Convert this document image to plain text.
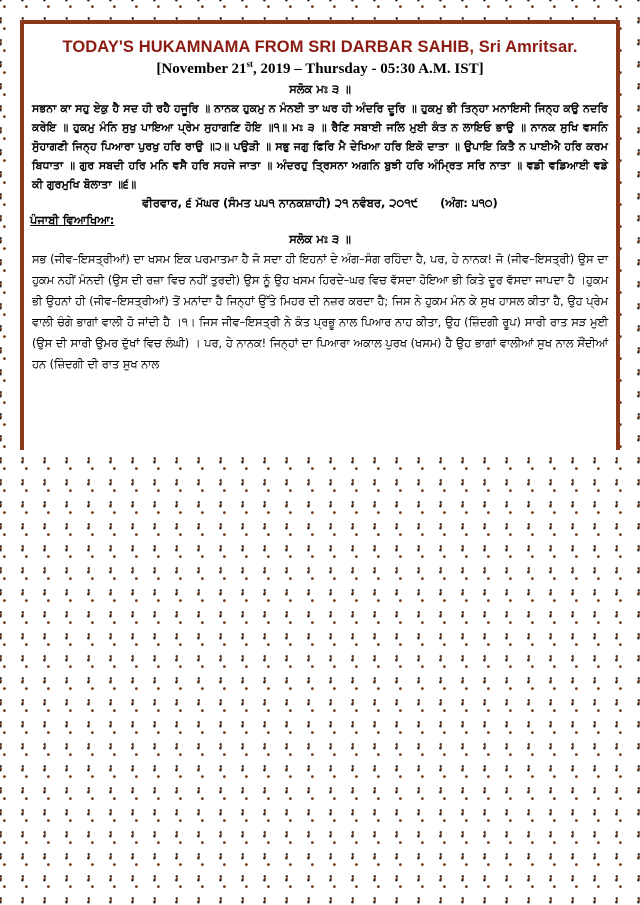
TODAY'S HUKAMNAMA FROM SRI DARBAR SAHIB, Sri Amritsar.
[November 21st, 2019 – Thursday - 05:30 A.M. IST]
ਸਲੋਕ ਮਃ ੩ ॥
ਸਭਨਾ ਕਾ ਸਹੁ ਏਕੁ ਹੈ ਸਦ ਹੀ ਰਹੈ ਹਜੂਰਿ ॥ ਨਾਨਕ ਹੁਕਮੁ ਨ ਮੰਨਈ ਤਾ ਘਰ ਹੀ ਅੰਦਰਿ ਦੂਰਿ ॥ ਹੁਕਮੁ ਭੀ ਤਿਨ੍ਹਾ ਮਨਾਇਸੀ ਜਿਨ੍ਹ ਕਉ ਨਦਰਿ ਕਰੇਇ ॥ ਹੁਕਮੁ ਮੰਨਿ ਸੁਖੁ ਪਾਇਆ ਪ੍ਰੇਮ ਸੁਹਾਗਣਿ ਹੋਇ ॥੧॥ ਮਃ ੩ ॥ ਰੈਣਿ ਸਬਾਈ ਜਲਿ ਮੁਈ ਕੰਤ ਨ ਲਾਇਓ ਭਾਉ ॥ ਨਾਨਕ ਸੁਖਿ ਵਸਨਿ ਸੋੁਹਾਗਣੀ ਜਿਨ੍ਹ ਪਿਆਰਾ ਪੁਰਖੁ ਹਰਿ ਰਾਉ ॥੨॥ ਪਉੜੀ ॥ ਸਭੁ ਜਗੁ ਫਿਰਿ ਮੈ ਦੇਖਿਆ ਹਰਿ ਇਕੋ ਦਾਤਾ ॥ ਉਪਾਇ ਕਿਤੈ ਨ ਪਾਈਐ ਹਰਿ ਕਰਮ ਬਿਧਾਤਾ ॥ ਗੁਰ ਸਬਦੀ ਹਰਿ ਮਨਿ ਵਸੈ ਹਰਿ ਸਹਜੇ ਜਾਤਾ ॥ ਅੰਦਰਹੁ ਤ੍ਰਿਸਨਾ ਅਗਨਿ ਬੁਝੀ ਹਰਿ ਅੰਮ੍ਰਿਤ ਸਰਿ ਨਾਤਾ ॥ ਵਡੀ ਵਡਿਆਈ ਵਡੇ ਕੀ ਗੁਰਮੁਖਿ ਬੋਲਾਤਾ ॥੬॥
ਵੀਰਵਾਰ, ੬ ਮੱਘਰ (ਸੰਮਤ ੫੫੧ ਨਾਨਕਸ਼ਾਹੀ) ੨੧ ਨਵੰਬਰ, ੨੦੧੯ (ਅੰਗ: ੫੧੦)
ਪੰਜਾਬੀ ਵਿਆਖਿਆ:
ਸਲੋਕ ਮਃ ੩ ॥
ਸਭ (ਜੀਵ–ਇਸਤ੍ਰੀਆਂ) ਦਾ ਖਸਮ ਇਕ ਪਰਮਾਤਮਾ ਹੈ ਜੋ ਸਦਾ ਹੀ ਇਹਨਾਂ ਦੇ ਅੰਗ–ਸੰਗ ਰਹਿੰਦਾ ਹੈ, ਪਰ, ਹੇ ਨਾਨਕ! ਜੋ (ਜੀਵ–ਇਸਤ੍ਰੀ) ਉਸ ਦਾ ਹੁਕਮ ਨਹੀਂ ਮੰਨਦੀ (ਉਸ ਦੀ ਰਜ਼ਾ ਵਿਚ ਨਹੀਂ ਤੁਰਦੀ) ਉਸ ਨੂੰ ਉਹ ਖਸਮ ਹਿਰਦੇ–ਘਰ ਵਿਚ ਵੱਸਦਾ ਹੋਇਆ ਭੀ ਕਿਤੇ ਦੂਰ ਵੱਸਦਾ ਜਾਪਦਾ ਹੈ ।ਹੁਕਮ ਭੀ ਉਹਨਾਂ ਹੀ (ਜੀਵ–ਇਸਤ੍ਰੀਆਂ) ਤੋਂ ਮਨਾਂਦਾ ਹੈ ਜਿਨ੍ਹਾਂ ਉੱਤੇ ਮਿਹਰ ਦੀ ਨਜ਼ਰ ਕਰਦਾ ਹੈ; ਜਿਸ ਨੇ ਹੁਕਮ ਮੰਨ ਕੇ ਸੁਖ ਹਾਸਲ ਕੀਤਾ ਹੈ, ਉਹ ਪ੍ਰੇਮ ਵਾਲੀ ਚੰਗੇ ਭਾਗਾਂ ਵਾਲੀ ਹੋ ਜਾਂਦੀ ਹੈ ।੧। ਜਿਸ ਜੀਵ–ਇਸਤ੍ਰੀ ਨੇ ਕੰਤ ਪ੍ਰਭੂ ਨਾਲ ਪਿਆਰ ਨਾਹ ਕੀਤਾ, ਉਹ (ਜ਼ਿੰਦਗੀ ਰੂਪ) ਸਾਰੀ ਰਾਤ ਸੜ ਮੁਈ (ਉਸ ਦੀ ਸਾਰੀ ਉਮਰ ਦੁੱਖਾਂ ਵਿਚ ਲੰਘੀ) । ਪਰ, ਹੇ ਨਾਨਕ! ਜਿਨ੍ਹਾਂ ਦਾ ਪਿਆਰਾ ਅਕਾਲ ਪੁਰਖ (ਖਸਮ) ਹੈ ਉਹ ਭਾਗਾਂ ਵਾਲੀਆਂ ਸੁਖ ਨਾਲ ਸੌਂਦੀਆਂ ਹਨ (ਜ਼ਿੰਦਗੀ ਦੀ ਰਾਤ ਸੁਖ ਨਾਲ
